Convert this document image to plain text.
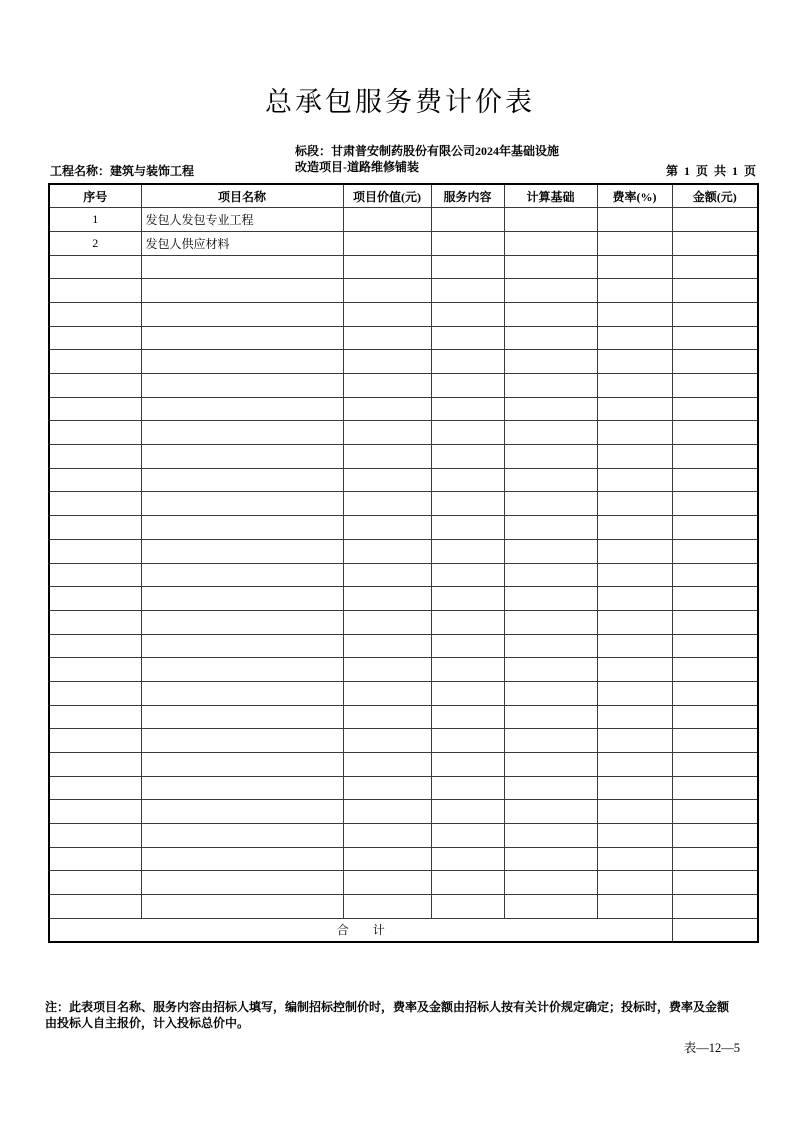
总承包服务费计价表
工程名称：建筑与装饰工程
标段：甘肃普安制药股份有限公司2024年基础设施
改造项目-道路维修铺装	第  1  页  共  1  页
序号	项目名称	项目价值(元)	服务内容	计算基础	费率(%)	金额(元)
1	发包人发包专业工程					
2	发包人供应材料					

合　　计						
注：此表项目名称、服务内容由招标人填写，编制招标控制价时，费率及金额由招标人按有关计价规定确定；投标时，费率及金额
由投标人自主报价，计入投标总价中。
表—12—5
